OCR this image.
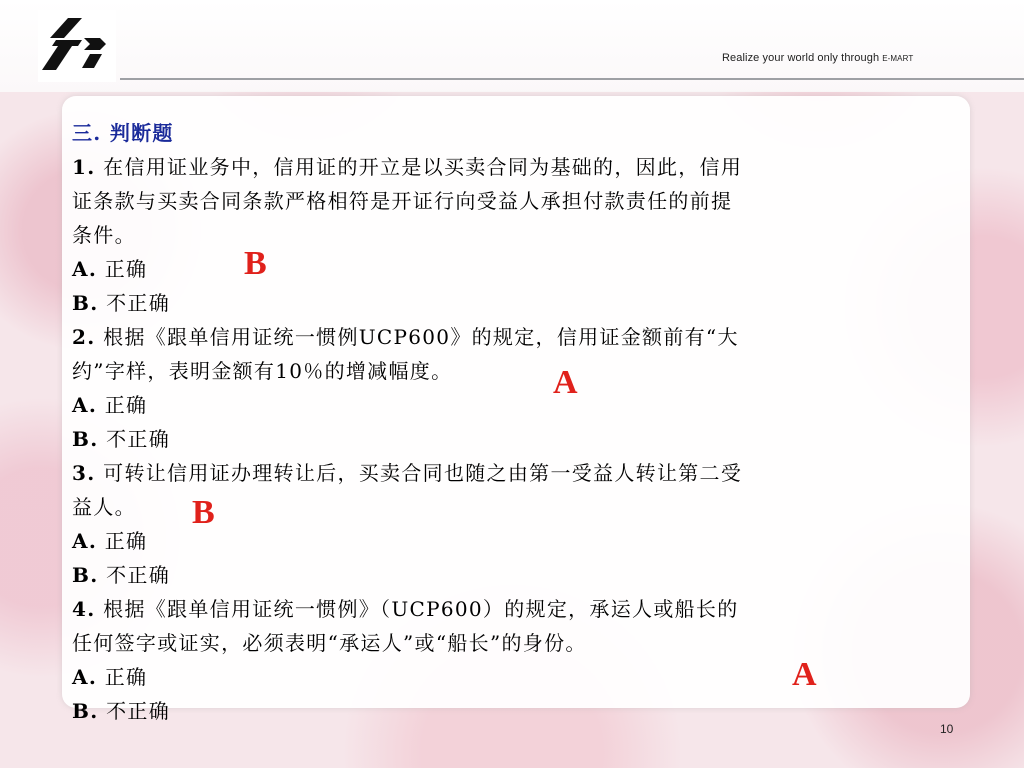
Realize your world only through E-MART
三. 判断题
1. 在信用证业务中，信用证的开立是以买卖合同为基础的，因此，信用
证条款与买卖合同条款严格相符是开证行向受益人承担付款责任的前提
条件。
A. 正确
B. 不正确
2. 根据《跟单信用证统一惯例UCP600》的规定，信用证金额前有“大
约”字样，表明金额有10％的增减幅度。
A. 正确
B. 不正确
3. 可转让信用证办理转让后，买卖合同也随之由第一受益人转让第二受
益人。
A. 正确
B. 不正确
4. 根据《跟单信用证统一惯例》（UCP600）的规定，承运人或船长的
任何签字或证实，必须表明“承运人”或“船长”的身份。
A. 正确
B. 不正确
B
A
B
A
10
